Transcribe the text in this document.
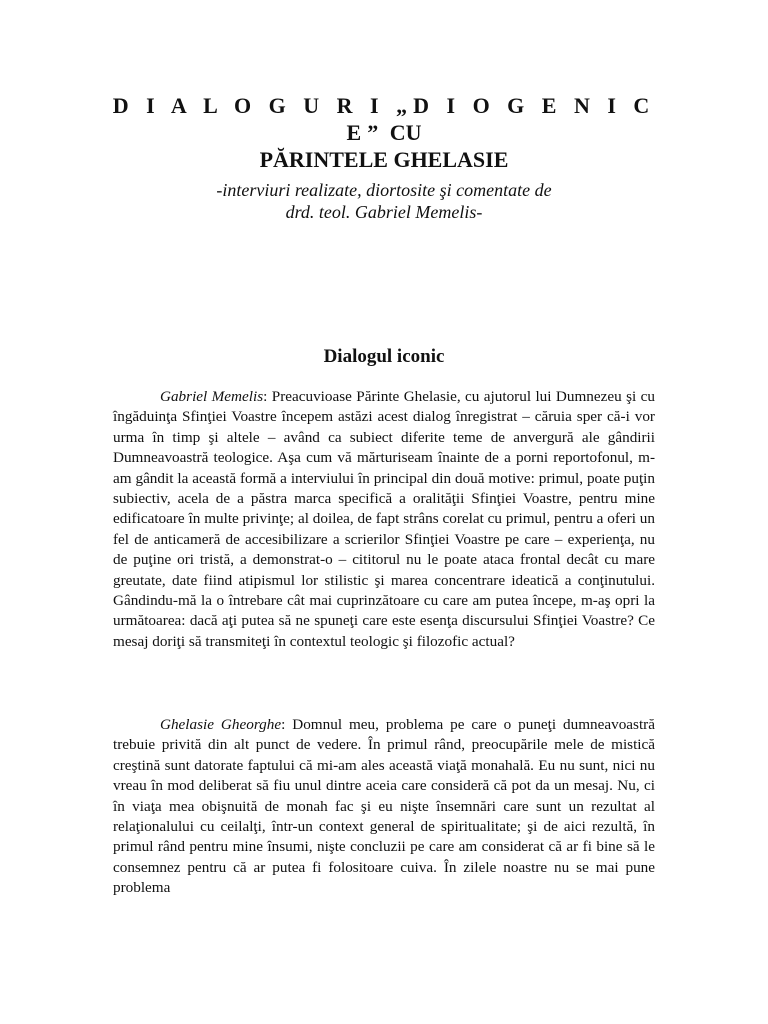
D I A L O G U R I „D I O G E N I C E” CU
PĂRINTELE GHELASIE

-interviuri realizate, diortosite şi comentate de
drd. teol. Gabriel Memelis-

Dialogul iconic

Gabriel Memelis: Preacuvioase Părinte Ghelasie, cu ajutorul lui Dumnezeu şi cu îngăduinţa Sfinţiei Voastre începem astăzi acest dialog înregistrat – căruia sper că-i vor urma în timp şi altele – având ca subiect diferite teme de anvergură ale gândirii Dumneavoastră teologice. Aşa cum vă mărturiseam înainte de a porni reportofonul, m-am gândit la această formă a interviului în principal din două motive: primul, poate puţin subiectiv, acela de a păstra marca specifică a oralităţii Sfinţiei Voastre, pentru mine edificatoare în multe privinţe; al doilea, de fapt strâns corelat cu primul, pentru a oferi un fel de anticameră de accesibilizare a scrierilor Sfinţiei Voastre pe care – experienţa, nu de puţine ori tristă, a demonstrat-o – cititorul nu le poate ataca frontal decât cu mare greutate, date fiind atipismul lor stilistic şi marea concentrare ideatică a conţinutului. Gândindu-mă la o întrebare cât mai cuprinzătoare cu care am putea începe, m-aş opri la următoarea: dacă aţi putea să ne spuneţi care este esenţa discursului Sfinţiei Voastre? Ce mesaj doriţi să transmiteţi în contextul teologic şi filozofic actual?

Ghelasie Gheorghe: Domnul meu, problema pe care o puneţi dumneavoastră trebuie privită din alt punct de vedere. În primul rând, preocupările mele de mistică creştină sunt datorate faptului că mi-am ales această viaţă monahală. Eu nu sunt, nici nu vreau în mod deliberat să fiu unul dintre aceia care consideră că pot da un mesaj. Nu, ci în viaţa mea obişnuită de monah fac şi eu nişte însemnări care sunt un rezultat al relaţionalului cu ceilalţi, într-un context general de spiritualitate; şi de aici rezultă, în primul rând pentru mine însumi, nişte concluzii pe care am considerat că ar fi bine să le consemnez pentru că ar putea fi folositoare cuiva. În zilele noastre nu se mai pune problema
